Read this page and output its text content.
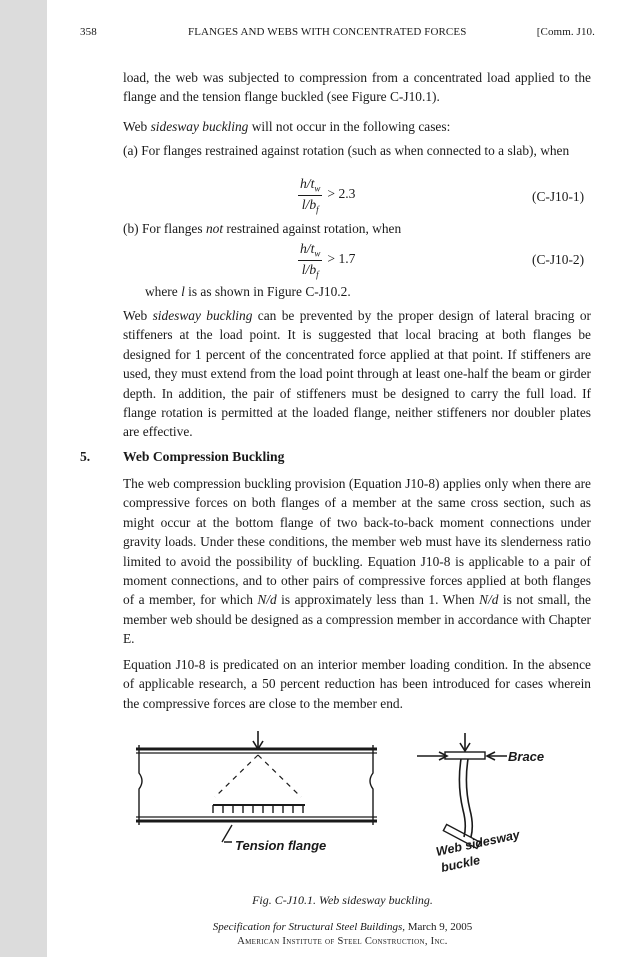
358	FLANGES AND WEBS WITH CONCENTRATED FORCES	[Comm. J10.

load, the web was subjected to compression from a concentrated load applied to the flange and the tension flange buckled (see Figure C-J10.1).

Web sidesway buckling will not occur in the following cases:

(a) For flanges restrained against rotation (such as when connected to a slab), when

$\frac{h/t_w}{l/b_f} > 2.3$	(C-J10-1)

(b) For flanges not restrained against rotation, when

$\frac{h/t_w}{l/b_f} > 1.7$	(C-J10-2)

where l is as shown in Figure C-J10.2.

Web sidesway buckling can be prevented by the proper design of lateral bracing or stiffeners at the load point. It is suggested that local bracing at both flanges be designed for 1 percent of the concentrated force applied at that point. If stiffeners are used, they must extend from the load point through at least one-half the beam or girder depth. In addition, the pair of stiffeners must be designed to carry the full load. If flange rotation is permitted at the loaded flange, neither stiffeners nor doubler plates are effective.

5. Web Compression Buckling

The web compression buckling provision (Equation J10-8) applies only when there are compressive forces on both flanges of a member at the same cross section, such as might occur at the bottom flange of two back-to-back moment connections under gravity loads. Under these conditions, the member web must have its slenderness ratio limited to avoid the possibility of buckling. Equation J10-8 is applicable to a pair of moment connections, and to other pairs of compressive forces applied at both flanges of a member, for which N/d is approximately less than 1. When N/d is not small, the member web should be designed as a compression member in accordance with Chapter E.

Equation J10-8 is predicated on an interior member loading condition. In the absence of applicable research, a 50 percent reduction has been introduced for cases wherein the compressive forces are close to the member end.

Tension flange
Brace
Web sidesway
buckle
Fig. C-J10.1. Web sidesway buckling.
Specification for Structural Steel Buildings, March 9, 2005
American Institute of Steel Construction, Inc.
